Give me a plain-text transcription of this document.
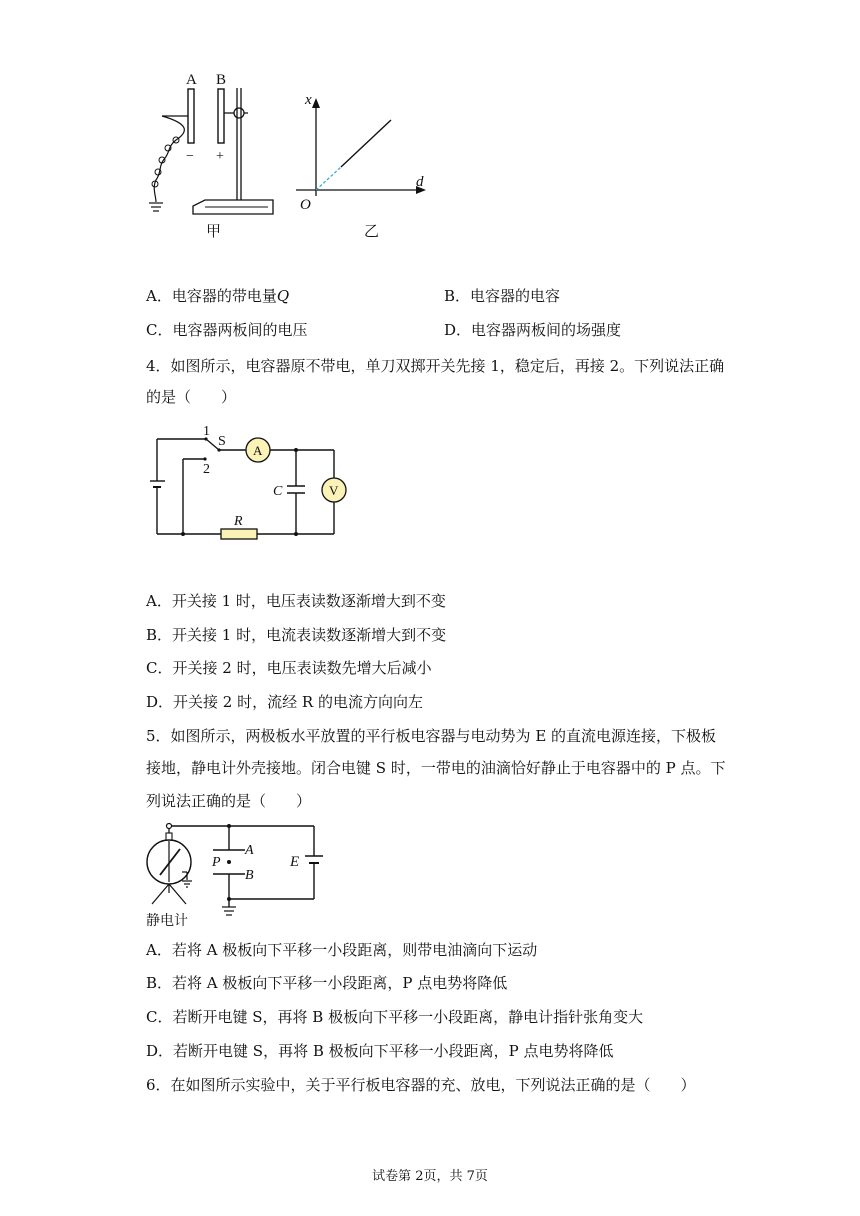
A
−
B
+
甲
x
d
O
乙
A．电容器的带电量Q	B．电容器的电容
C．电容器两板间的电压	D．电容器两板间的场强度
4．如图所示，电容器原不带电，单刀双掷开关先接 1，稳定后，再接 2。下列说法正确
的是（　　）
1
S
2
A
C	V
R
A．开关接 1 时，电压表读数逐渐增大到不变
B．开关接 1 时，电流表读数逐渐增大到不变
C．开关接 2 时，电压表读数先增大后减小
D．开关接 2 时，流经 R 的电流方向向左
5．如图所示，两极板水平放置的平行板电容器与电动势为 E 的直流电源连接，下极板
接地，静电计外壳接地。闭合电键 S 时，一带电的油滴恰好静止于电容器中的 P 点。下
列说法正确的是（　　）
A
P
B
E
静电计
A．若将 A 极板向下平移一小段距离，则带电油滴向下运动
B．若将 A 极板向下平移一小段距离，P 点电势将降低
C．若断开电键 S，再将 B 极板向下平移一小段距离，静电计指针张角变大
D．若断开电键 S，再将 B 极板向下平移一小段距离，P 点电势将降低
6．在如图所示实验中，关于平行板电容器的充、放电，下列说法正确的是（　　）
试卷第 2页，共 7页
